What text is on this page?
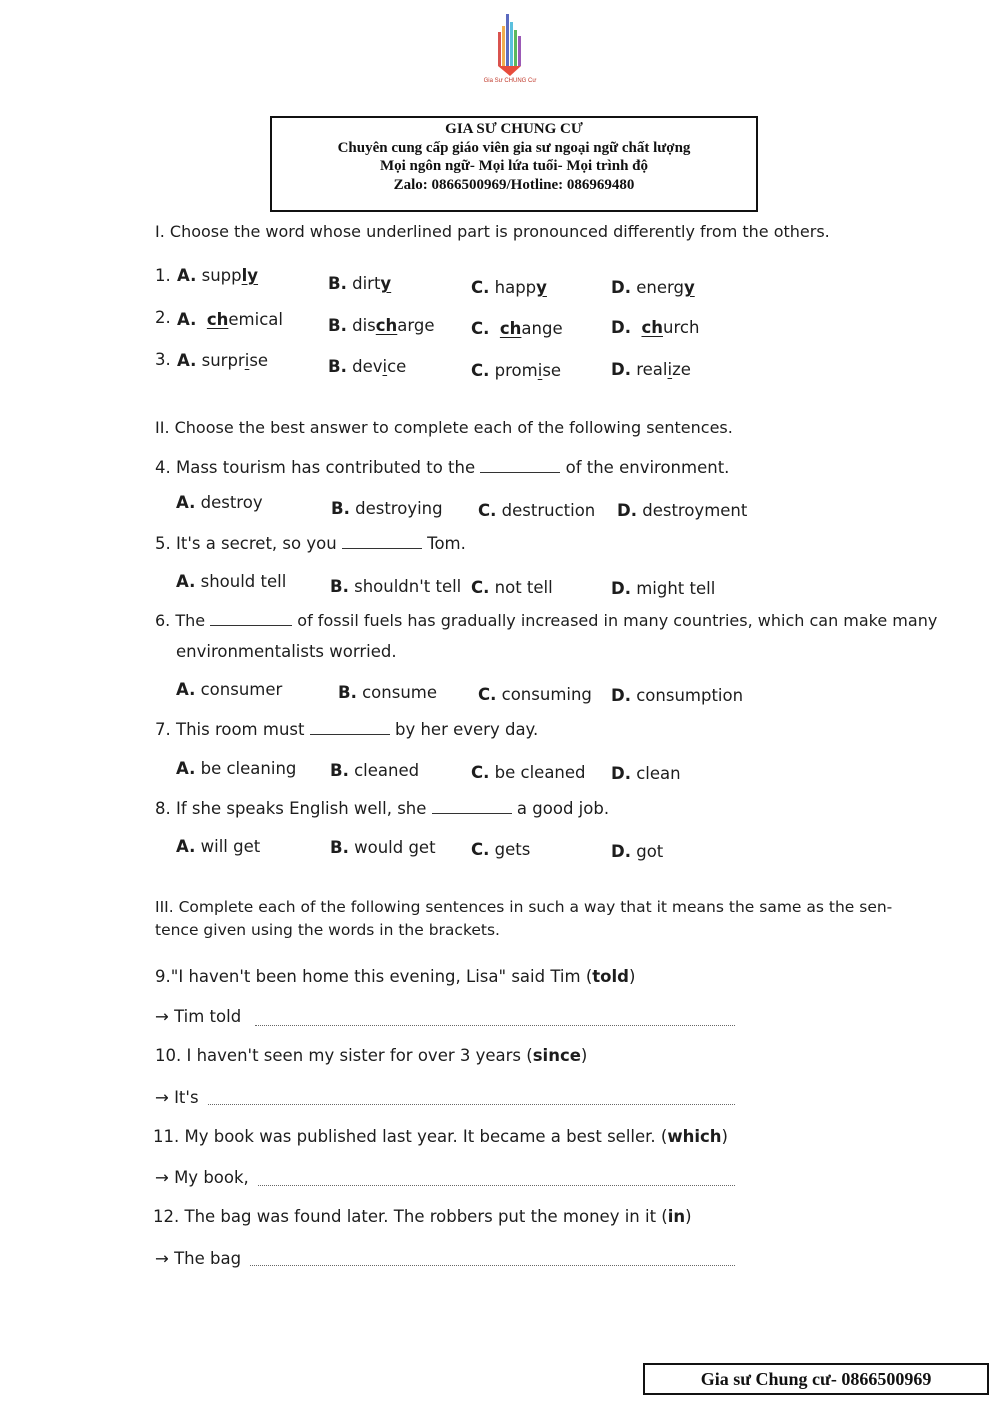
Gia Sư CHUNG Cư
GIA SƯ CHUNG CƯ
Chuyên cung cấp giáo viên gia sư ngoại ngữ chất lượng
Mọi ngôn ngữ- Mọi lứa tuổi- Mọi trình độ
Zalo: 0866500969/Hotline: 086969480
I. Choose the word whose underlined part is pronounced differently from the others.
1. A. supply	B. dirty	C. happy	D. energy
2. A. chemical	B. discharge C. change	D. church
3. A. surprise	B. device	C. promise	D. realize
II. Choose the best answer to complete each of the following sentences.
4. Mass tourism has contributed to the	of the environment.
A. destroy	B. destroying C. destruction D. destroyment
5. It's a secret, so you	Tom.
A. should tell	B. shouldn't tell C. not tell	D. might tell
6. The	of fossil fuels has gradually increased in many countries, which can make many
environmentalists worried.
A. consumer	B. consume C. consuming D. consumption
7. This room must	by her every day.
A. be cleaning B. cleaned	C. be cleaned D. clean
8. If she speaks English well, she	a good job.
A. will get	B. would get C. gets	D. got
III. Complete each of the following sentences in such a way that it means the same as the sen-
tence given using the words in the brackets.
9."I haven't been home this evening, Lisa" said Tim (told)
→ Tim told
10. I haven't seen my sister for over 3 years (since)
→ It's
11. My book was published last year. It became a best seller. (which)
→ My book,
12. The bag was found later. The robbers put the money in it (in)
→ The bag
Gia sư Chung cư- 0866500969
